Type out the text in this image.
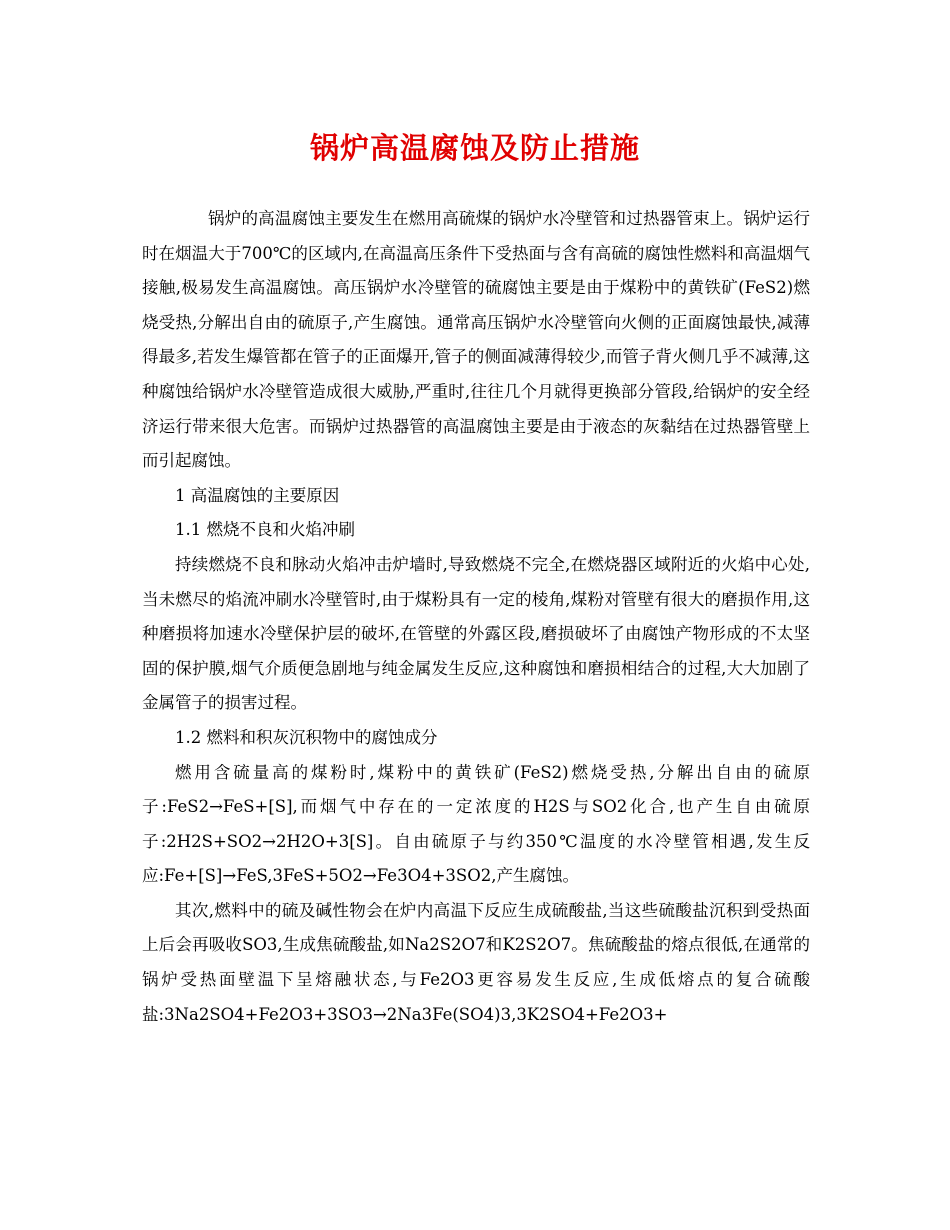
锅炉高温腐蚀及防止措施

锅炉的高温腐蚀主要发生在燃用高硫煤的锅炉水冷壁管和过热器管束上。锅炉运行时在烟温大于700℃的区域内,在高温高压条件下受热面与含有高硫的腐蚀性燃料和高温烟气接触,极易发生高温腐蚀。高压锅炉水冷壁管的硫腐蚀主要是由于煤粉中的黄铁矿(FeS2)燃烧受热,分解出自由的硫原子,产生腐蚀。通常高压锅炉水冷壁管向火侧的正面腐蚀最快,减薄得最多,若发生爆管都在管子的正面爆开,管子的侧面减薄得较少,而管子背火侧几乎不减薄,这种腐蚀给锅炉水冷壁管造成很大威胁,严重时,往往几个月就得更换部分管段,给锅炉的安全经济运行带来很大危害。而锅炉过热器管的高温腐蚀主要是由于液态的灰黏结在过热器管壁上而引起腐蚀。

1 高温腐蚀的主要原因

1.1 燃烧不良和火焰冲刷

持续燃烧不良和脉动火焰冲击炉墙时,导致燃烧不完全,在燃烧器区域附近的火焰中心处,当未燃尽的焰流冲刷水冷壁管时,由于煤粉具有一定的棱角,煤粉对管壁有很大的磨损作用,这种磨损将加速水冷壁保护层的破坏,在管壁的外露区段,磨损破坏了由腐蚀产物形成的不太坚固的保护膜,烟气介质便急剧地与纯金属发生反应,这种腐蚀和磨损相结合的过程,大大加剧了金属管子的损害过程。

1.2 燃料和积灰沉积物中的腐蚀成分

燃用含硫量高的煤粉时,煤粉中的黄铁矿(FeS2)燃烧受热,分解出自由的硫原子:FeS2→FeS+[S],而烟气中存在的一定浓度的H2S与SO2化合,也产生自由硫原子:2H2S+SO2→2H2O+3[S]。自由硫原子与约350℃温度的水冷壁管相遇,发生反应:Fe+[S]→FeS,3FeS+5O2→Fe3O4+3SO2,产生腐蚀。

其次,燃料中的硫及碱性物会在炉内高温下反应生成硫酸盐,当这些硫酸盐沉积到受热面上后会再吸收SO3,生成焦硫酸盐,如Na2S2O7和K2S2O7。焦硫酸盐的熔点很低,在通常的锅炉受热面壁温下呈熔融状态,与Fe2O3更容易发生反应,生成低熔点的复合硫酸盐:3Na2SO4+Fe2O3+3SO3→2Na3Fe(SO4)3,3K2SO4+Fe2O3+
